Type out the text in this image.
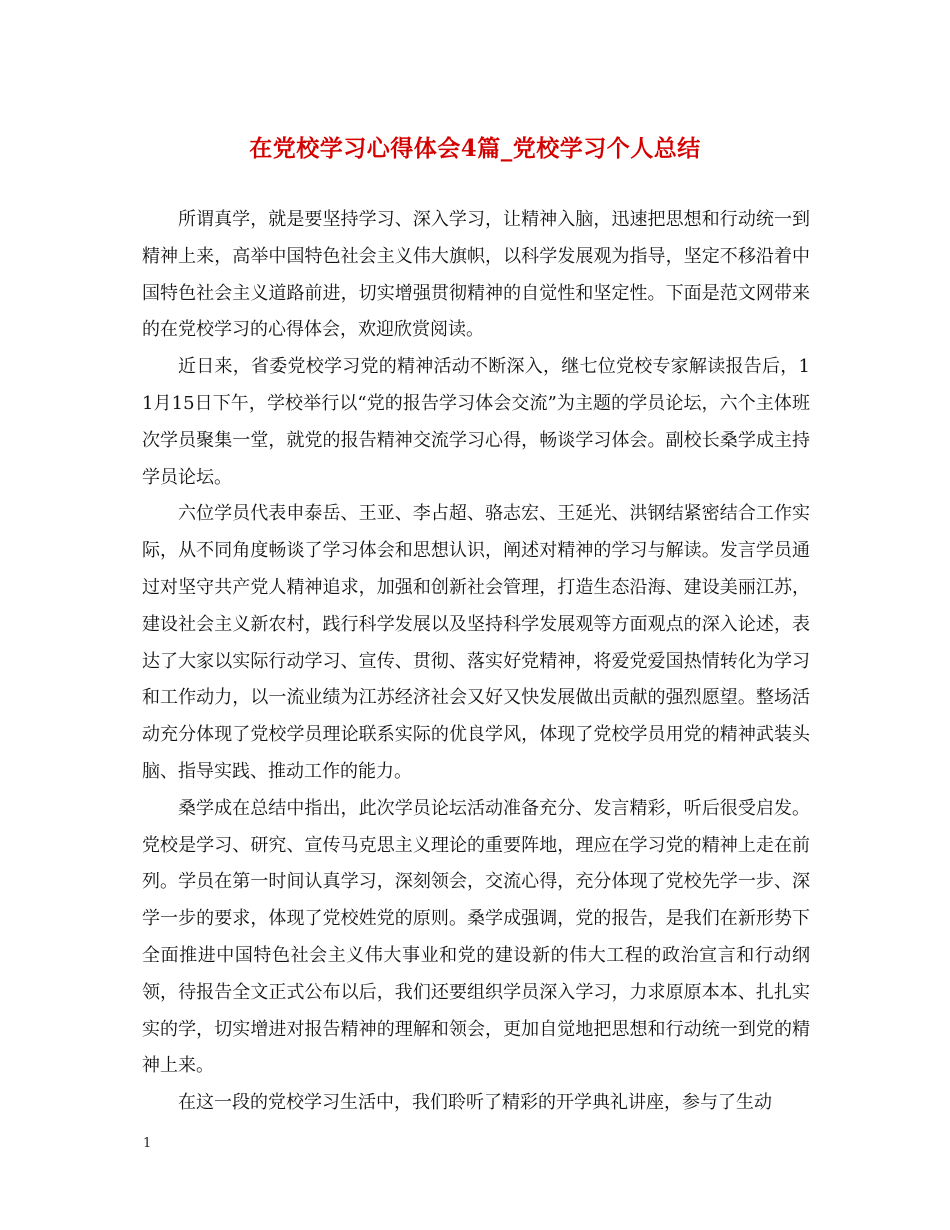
在党校学习心得体会4篇_党校学习个人总结

所谓真学，就是要坚持学习、深入学习，让精神入脑，迅速把思想和行动统一到精神上来，高举中国特色社会主义伟大旗帜，以科学发展观为指导，坚定不移沿着中国特色社会主义道路前进，切实增强贯彻精神的自觉性和坚定性。下面是范文网带来的在党校学习的心得体会，欢迎欣赏阅读。

近日来，省委党校学习党的精神活动不断深入，继七位党校专家解读报告后，11月15日下午，学校举行以“党的报告学习体会交流”为主题的学员论坛，六个主体班次学员聚集一堂，就党的报告精神交流学习心得，畅谈学习体会。副校长桑学成主持学员论坛。

六位学员代表申泰岳、王亚、李占超、骆志宏、王延光、洪钢结紧密结合工作实际，从不同角度畅谈了学习体会和思想认识，阐述对精神的学习与解读。发言学员通过对坚守共产党人精神追求，加强和创新社会管理，打造生态沿海、建设美丽江苏，建设社会主义新农村，践行科学发展以及坚持科学发展观等方面观点的深入论述，表达了大家以实际行动学习、宣传、贯彻、落实好党精神，将爱党爱国热情转化为学习和工作动力，以一流业绩为江苏经济社会又好又快发展做出贡献的强烈愿望。整场活动充分体现了党校学员理论联系实际的优良学风，体现了党校学员用党的精神武装头脑、指导实践、推动工作的能力。

桑学成在总结中指出，此次学员论坛活动准备充分、发言精彩，听后很受启发。党校是学习、研究、宣传马克思主义理论的重要阵地，理应在学习党的精神上走在前列。学员在第一时间认真学习，深刻领会，交流心得，充分体现了党校先学一步、深学一步的要求，体现了党校姓党的原则。桑学成强调，党的报告，是我们在新形势下全面推进中国特色社会主义伟大事业和党的建设新的伟大工程的政治宣言和行动纲领，待报告全文正式公布以后，我们还要组织学员深入学习，力求原原本本、扎扎实实的学，切实增进对报告精神的理解和领会，更加自觉地把思想和行动统一到党的精神上来。

在这一段的党校学习生活中，我们聆听了精彩的开学典礼讲座，参与了生动

1
